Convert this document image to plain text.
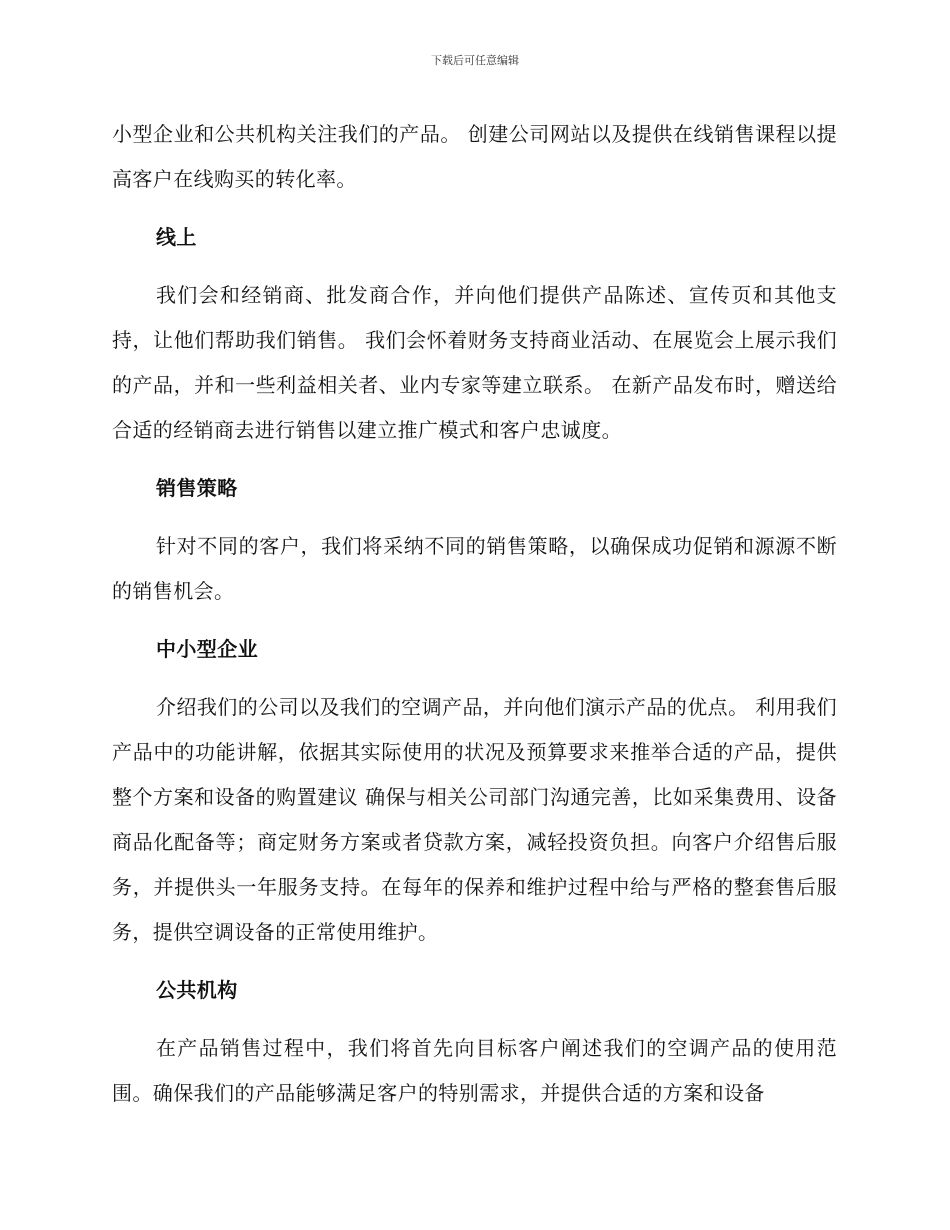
下载后可任意编辑

小型企业和公共机构关注我们的产品。 创建公司网站以及提供在线销售课程以提高客户在线购买的转化率。

线上

我们会和经销商、批发商合作，并向他们提供产品陈述、宣传页和其他支持，让他们帮助我们销售。 我们会怀着财务支持商业活动、在展览会上展示我们的产品，并和一些利益相关者、业内专家等建立联系。 在新产品发布时，赠送给合适的经销商去进行销售以建立推广模式和客户忠诚度。

销售策略

针对不同的客户，我们将采纳不同的销售策略，以确保成功促销和源源不断的销售机会。

中小型企业

介绍我们的公司以及我们的空调产品，并向他们演示产品的优点。 利用我们产品中的功能讲解，依据其实际使用的状况及预算要求来推举合适的产品，提供整个方案和设备的购置建议 确保与相关公司部门沟通完善，比如采集费用、设备商品化配备等；商定财务方案或者贷款方案，减轻投资负担。向客户介绍售后服务，并提供头一年服务支持。在每年的保养和维护过程中给与严格的整套售后服务，提供空调设备的正常使用维护。

公共机构

在产品销售过程中，我们将首先向目标客户阐述我们的空调产品的使用范围。确保我们的产品能够满足客户的特别需求，并提供合适的方案和设备
